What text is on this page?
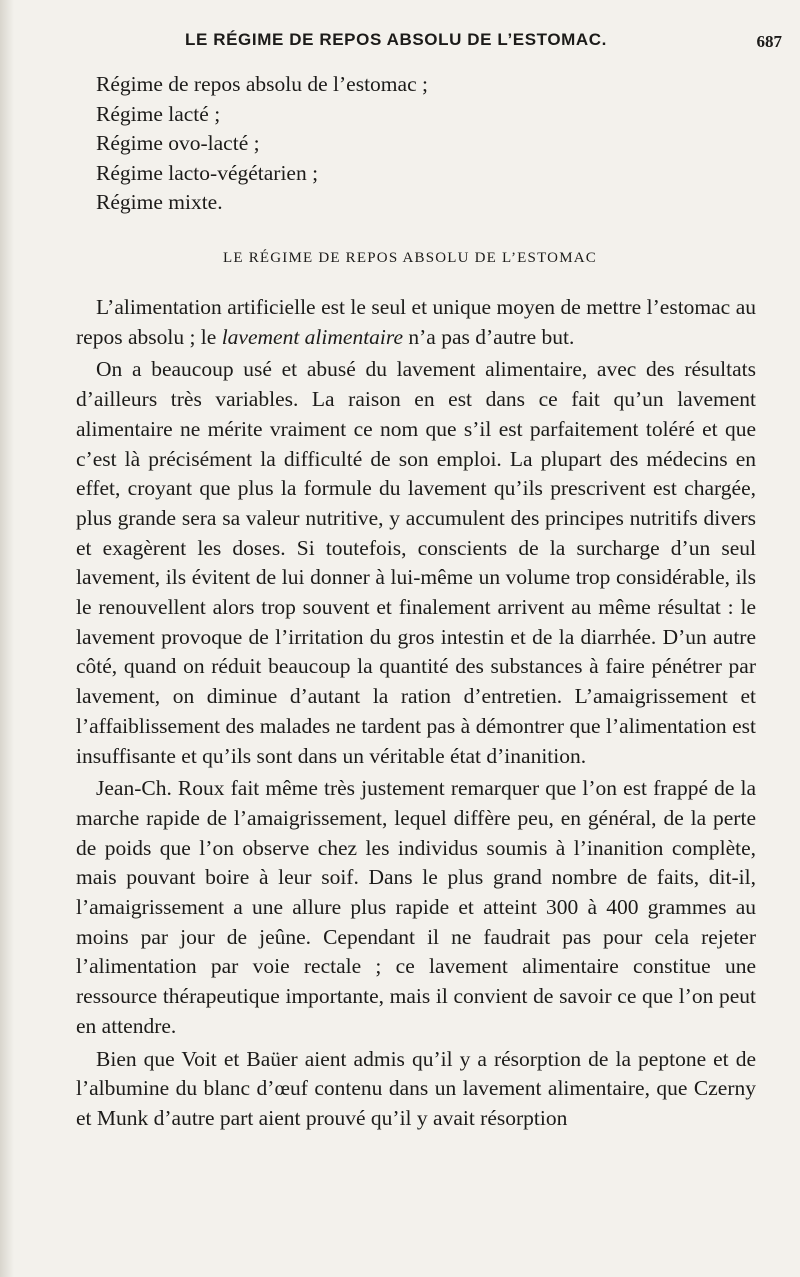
LE RÉGIME DE REPOS ABSOLU DE L’ESTOMAC.	687
Régime de repos absolu de l’estomac ;
Régime lacté ;
Régime ovo-lacté ;
Régime lacto-végétarien ;
Régime mixte.
LE RÉGIME DE REPOS ABSOLU DE L’ESTOMAC

L’alimentation artificielle est le seul et unique moyen de mettre l’estomac au repos absolu ; le lavement alimentaire n’a pas d’autre but.

On a beaucoup usé et abusé du lavement alimentaire, avec des résultats d’ailleurs très variables. La raison en est dans ce fait qu’un lavement alimentaire ne mérite vraiment ce nom que s’il est parfaitement toléré et que c’est là précisément la difficulté de son emploi. La plupart des médecins en effet, croyant que plus la formule du lavement qu’ils prescrivent est chargée, plus grande sera sa valeur nutritive, y accumulent des principes nutritifs divers et exagèrent les doses. Si toutefois, conscients de la surcharge d’un seul lavement, ils évitent de lui donner à lui-même un volume trop considérable, ils le renouvellent alors trop souvent et finalement arrivent au même résultat : le lavement provoque de l’irritation du gros intestin et de la diarrhée. D’un autre côté, quand on réduit beaucoup la quantité des substances à faire pénétrer par lavement, on diminue d’autant la ration d’entretien. L’amaigrissement et l’affaiblissement des malades ne tardent pas à démontrer que l’alimentation est insuffisante et qu’ils sont dans un véritable état d’inanition.

Jean-Ch. Roux fait même très justement remarquer que l’on est frappé de la marche rapide de l’amaigrissement, lequel diffère peu, en général, de la perte de poids que l’on observe chez les individus soumis à l’inanition complète, mais pouvant boire à leur soif. Dans le plus grand nombre de faits, dit-il, l’amaigrissement a une allure plus rapide et atteint 300 à 400 grammes au moins par jour de jeûne. Cependant il ne faudrait pas pour cela rejeter l’alimentation par voie rectale ; ce lavement alimentaire constitue une ressource thérapeutique importante, mais il convient de savoir ce que l’on peut en attendre.

Bien que Voit et Baüer aient admis qu’il y a résorption de la peptone et de l’albumine du blanc d’œuf contenu dans un lavement alimentaire, que Czerny et Munk d’autre part aient prouvé qu’il y avait résorption
